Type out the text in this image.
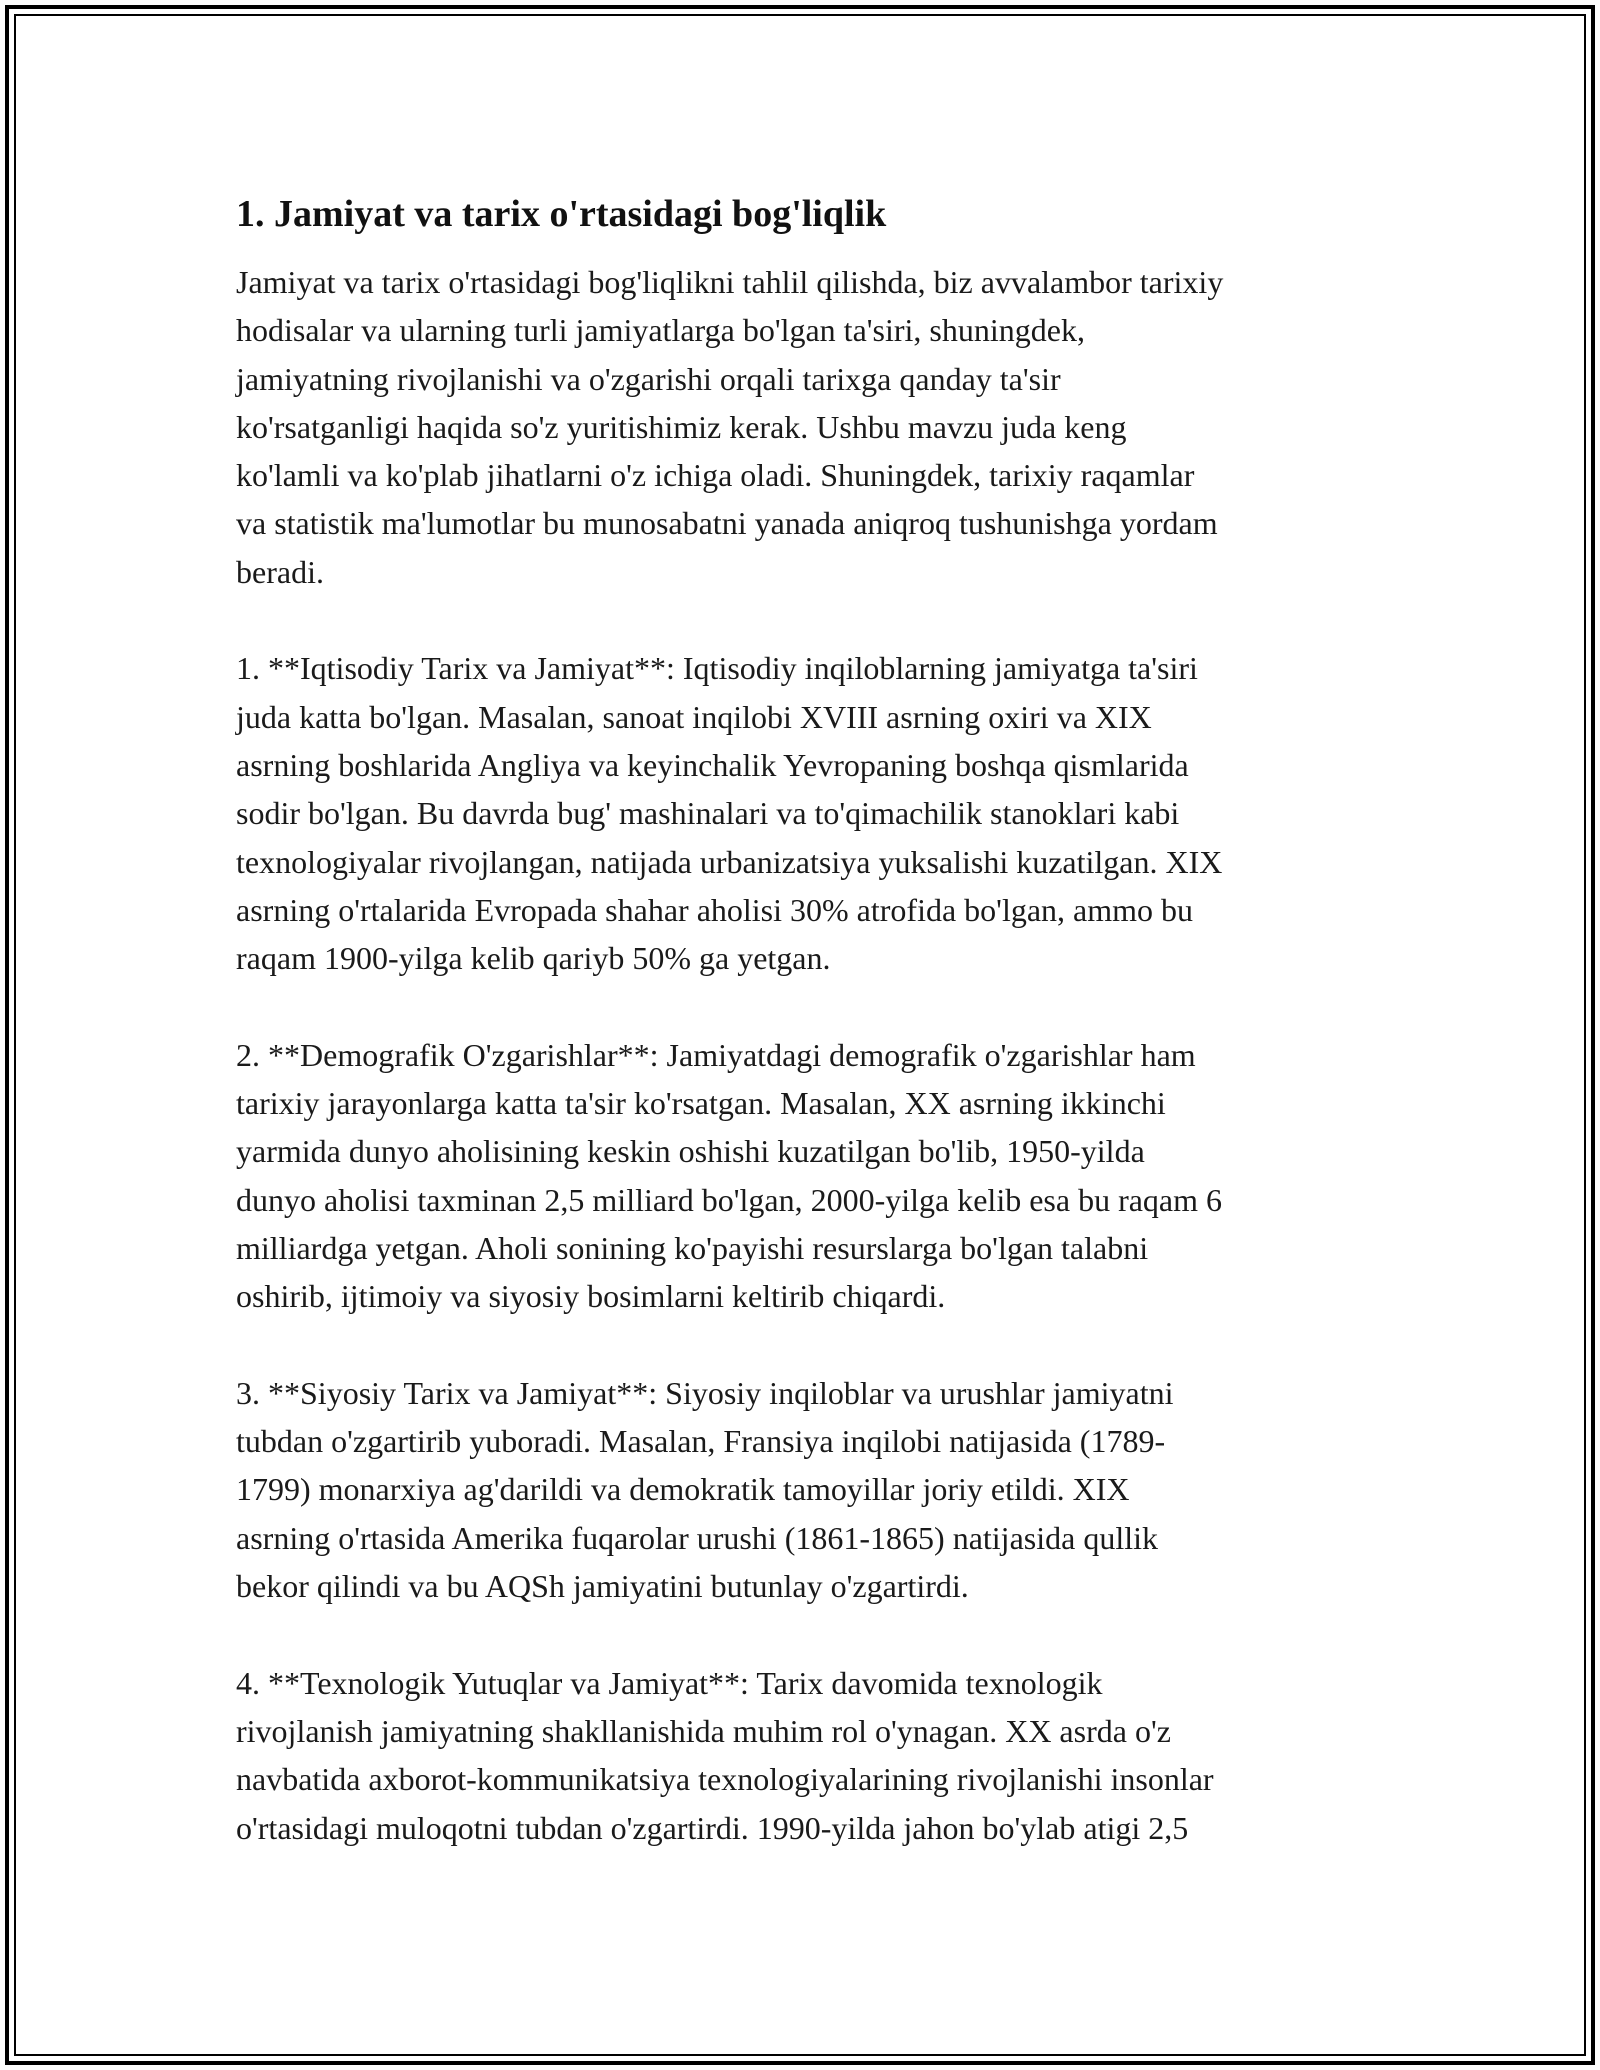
1. Jamiyat va tarix o'rtasidagi bog'liqlik

Jamiyat va tarix o'rtasidagi bog'liqlikni tahlil qilishda, biz avvalambor tarixiy
hodisalar va ularning turli jamiyatlarga bo'lgan ta'siri, shuningdek,
jamiyatning rivojlanishi va o'zgarishi orqali tarixga qanday ta'sir
ko'rsatganligi haqida so'z yuritishimiz kerak. Ushbu mavzu juda keng
ko'lamli va ko'plab jihatlarni o'z ichiga oladi. Shuningdek, tarixiy raqamlar
va statistik ma'lumotlar bu munosabatni yanada aniqroq tushunishga yordam
beradi.

1. **Iqtisodiy Tarix va Jamiyat**: Iqtisodiy inqiloblarning jamiyatga ta'siri
juda katta bo'lgan. Masalan, sanoat inqilobi XVIII asrning oxiri va XIX
asrning boshlarida Angliya va keyinchalik Yevropaning boshqa qismlarida
sodir bo'lgan. Bu davrda bug' mashinalari va to'qimachilik stanoklari kabi
texnologiyalar rivojlangan, natijada urbanizatsiya yuksalishi kuzatilgan. XIX
asrning o'rtalarida Evropada shahar aholisi 30% atrofida bo'lgan, ammo bu
raqam 1900-yilga kelib qariyb 50% ga yetgan.

2. **Demografik O'zgarishlar**: Jamiyatdagi demografik o'zgarishlar ham
tarixiy jarayonlarga katta ta'sir ko'rsatgan. Masalan, XX asrning ikkinchi
yarmida dunyo aholisining keskin oshishi kuzatilgan bo'lib, 1950-yilda
dunyo aholisi taxminan 2,5 milliard bo'lgan, 2000-yilga kelib esa bu raqam 6
milliardga yetgan. Aholi sonining ko'payishi resurslarga bo'lgan talabni
oshirib, ijtimoiy va siyosiy bosimlarni keltirib chiqardi.

3. **Siyosiy Tarix va Jamiyat**: Siyosiy inqiloblar va urushlar jamiyatni
tubdan o'zgartirib yuboradi. Masalan, Fransiya inqilobi natijasida (1789-
1799) monarxiya ag'darildi va demokratik tamoyillar joriy etildi. XIX
asrning o'rtasida Amerika fuqarolar urushi (1861-1865) natijasida qullik
bekor qilindi va bu AQSh jamiyatini butunlay o'zgartirdi.

4. **Texnologik Yutuqlar va Jamiyat**: Tarix davomida texnologik
rivojlanish jamiyatning shakllanishida muhim rol o'ynagan. XX asrda o'z
navbatida axborot-kommunikatsiya texnologiyalarining rivojlanishi insonlar
o'rtasidagi muloqotni tubdan o'zgartirdi. 1990-yilda jahon bo'ylab atigi 2,5
